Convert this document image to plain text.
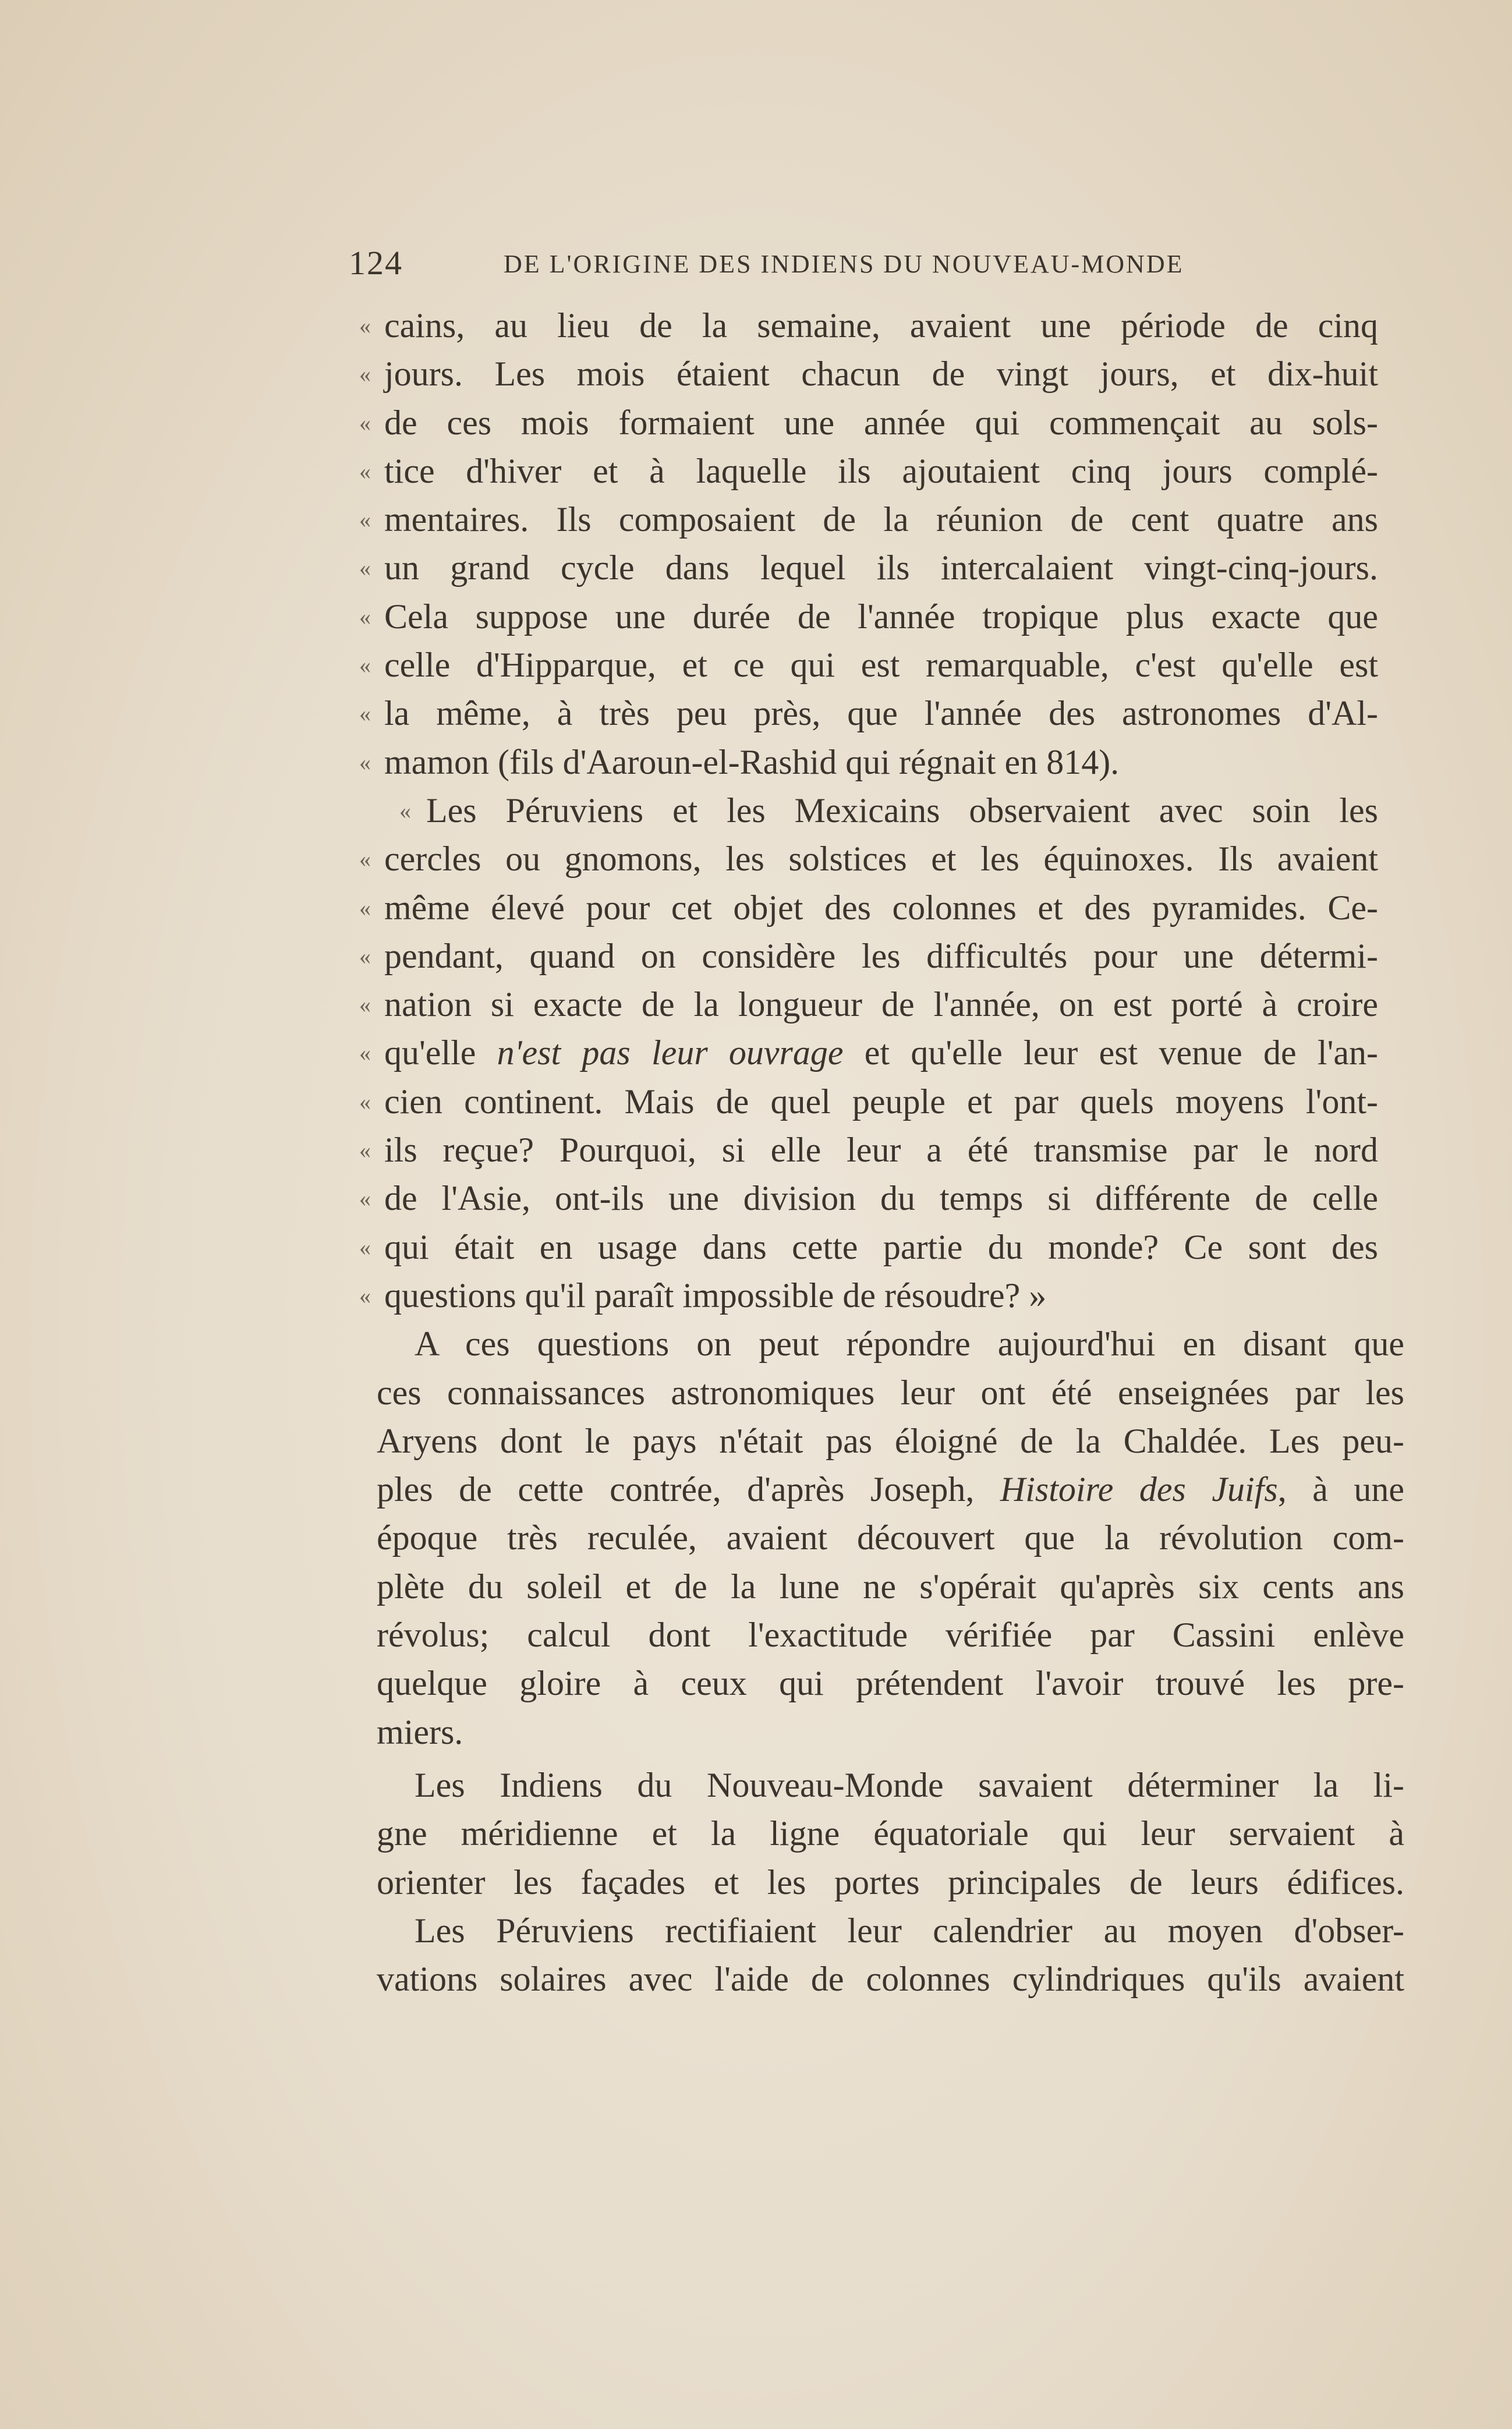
124	DE L'ORIGINE DES INDIENS DU NOUVEAU-MONDE
« cains, au lieu de la semaine, avaient une période de cinq
« jours. Les mois étaient chacun de vingt jours, et dix-huit
« de ces mois formaient une année qui commençait au sols-
« tice d'hiver et à laquelle ils ajoutaient cinq jours complé-
« mentaires. Ils composaient de la réunion de cent quatre ans
« un grand cycle dans lequel ils intercalaient vingt-cinq-jours.
« Cela suppose une durée de l'année tropique plus exacte que
« celle d'Hipparque, et ce qui est remarquable, c'est qu'elle est
« la même, à très peu près, que l'année des astronomes d'Al-
« mamon (fils d'Aaroun-el-Rashid qui régnait en 814).
« Les Péruviens et les Mexicains observaient avec soin les
« cercles ou gnomons, les solstices et les équinoxes. Ils avaient
« même élevé pour cet objet des colonnes et des pyramides. Ce-
« pendant, quand on considère les difficultés pour une détermi-
« nation si exacte de la longueur de l'année, on est porté à croire
« qu'elle n'est pas leur ouvrage et qu'elle leur est venue de l'an-
« cien continent. Mais de quel peuple et par quels moyens l'ont-
« ils reçue? Pourquoi, si elle leur a été transmise par le nord
« de l'Asie, ont-ils une division du temps si différente de celle
« qui était en usage dans cette partie du monde? Ce sont des
« questions qu'il paraît impossible de résoudre? »
A ces questions on peut répondre aujourd'hui en disant que
ces connaissances astronomiques leur ont été enseignées par les
Aryens dont le pays n'était pas éloigné de la Chaldée. Les peu-
ples de cette contrée, d'après Joseph, Histoire des Juifs, à une
époque très reculée, avaient découvert que la révolution com-
plète du soleil et de la lune ne s'opérait qu'après six cents ans
révolus; calcul dont l'exactitude vérifiée par Cassini enlève
quelque gloire à ceux qui prétendent l'avoir trouvé les pre-
miers.
Les Indiens du Nouveau-Monde savaient déterminer la li-
gne méridienne et la ligne équatoriale qui leur servaient à
orienter les façades et les portes principales de leurs édifices.
Les Péruviens rectifiaient leur calendrier au moyen d'obser-
vations solaires avec l'aide de colonnes cylindriques qu'ils avaient
